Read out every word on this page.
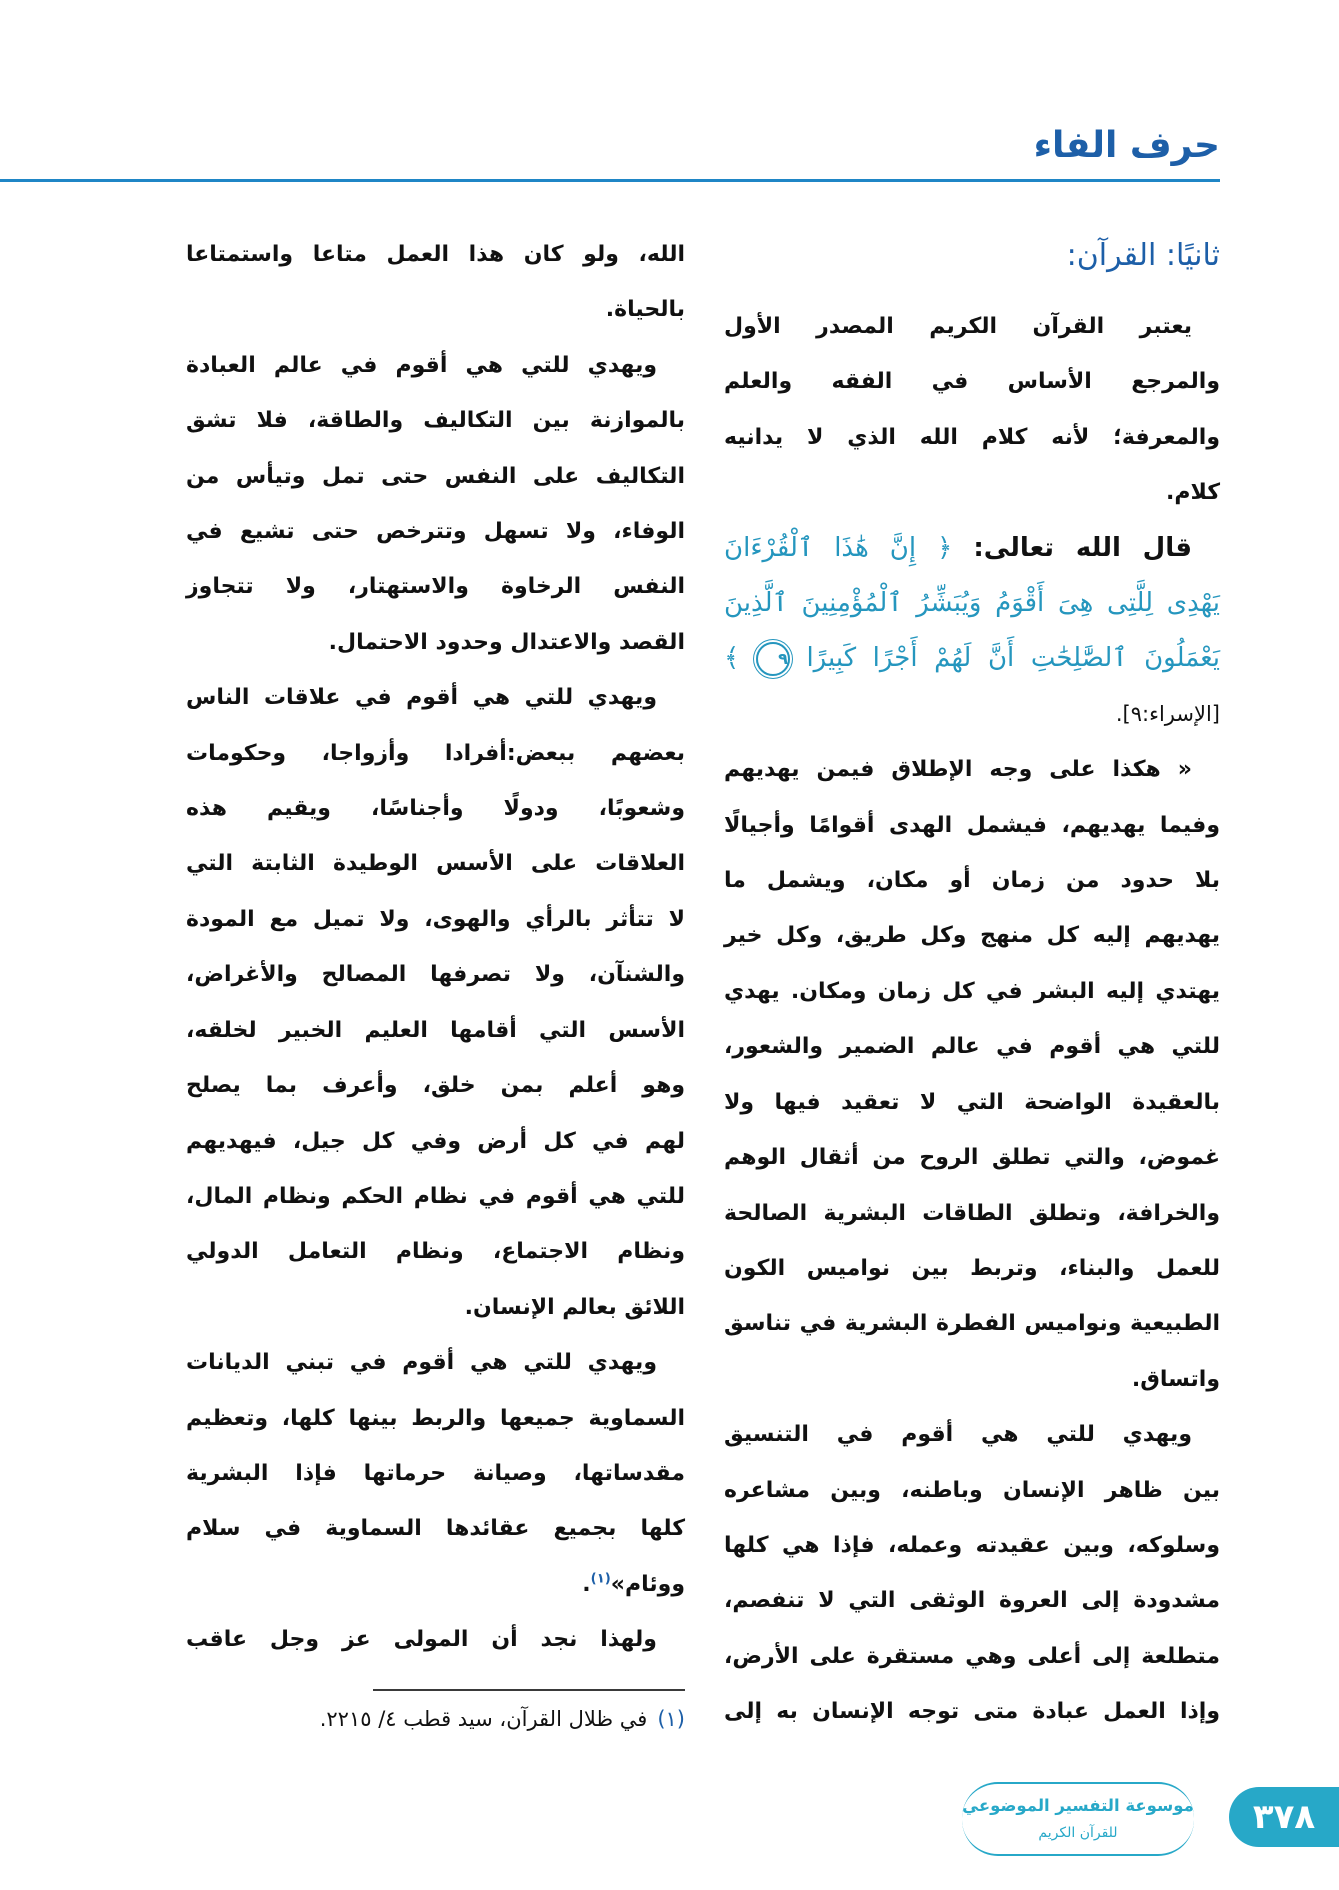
حرف الفاء
ثانيًا: القرآن:
يعتبر القرآن الكريم المصدر الأول
والمرجع الأساس في الفقه والعلم
والمعرفة؛ لأنه كلام الله الذي لا يدانيه
كلام.
قال الله تعالى: ﴿ إِنَّ هَٰذَا ٱلْقُرْءَانَ
يَهْدِى لِلَّتِى هِىَ أَقْوَمُ وَيُبَشِّرُ ٱلْمُؤْمِنِينَ ٱلَّذِينَ
يَعْمَلُونَ ٱلصَّٰلِحَٰتِ أَنَّ لَهُمْ أَجْرًا كَبِيرًا ٩ ﴾
[الإسراء:٩].
« هكذا على وجه الإطلاق فيمن يهديهم
وفيما يهديهم، فيشمل الهدى أقوامًا وأجيالًا
بلا حدود من زمان أو مكان، ويشمل ما
يهديهم إليه كل منهج وكل طريق، وكل خير
يهتدي إليه البشر في كل زمان ومكان. يهدي
للتي هي أقوم في عالم الضمير والشعور،
بالعقيدة الواضحة التي لا تعقيد فيها ولا
غموض، والتي تطلق الروح من أثقال الوهم
والخرافة، وتطلق الطاقات البشرية الصالحة
للعمل والبناء، وتربط بين نواميس الكون
الطبيعية ونواميس الفطرة البشرية في تناسق
واتساق.
ويهدي للتي هي أقوم في التنسيق
بين ظاهر الإنسان وباطنه، وبين مشاعره
وسلوكه، وبين عقيدته وعمله، فإذا هي كلها
مشدودة إلى العروة الوثقى التي لا تنفصم،
متطلعة إلى أعلى وهي مستقرة على الأرض،
وإذا العمل عبادة متى توجه الإنسان به إلى
الله، ولو كان هذا العمل متاعا واستمتاعا
بالحياة.
ويهدي للتي هي أقوم في عالم العبادة
بالموازنة بين التكاليف والطاقة، فلا تشق
التكاليف على النفس حتى تمل وتيأس من
الوفاء، ولا تسهل وتترخص حتى تشيع في
النفس الرخاوة والاستهتار، ولا تتجاوز
القصد والاعتدال وحدود الاحتمال.
ويهدي للتي هي أقوم في علاقات الناس
بعضهم ببعض:أفرادا وأزواجا، وحكومات
وشعوبًا، ودولًا وأجناسًا، ويقيم هذه
العلاقات على الأسس الوطيدة الثابتة التي
لا تتأثر بالرأي والهوى، ولا تميل مع المودة
والشنآن، ولا تصرفها المصالح والأغراض،
الأسس التي أقامها العليم الخبير لخلقه،
وهو أعلم بمن خلق، وأعرف بما يصلح
لهم في كل أرض وفي كل جيل، فيهديهم
للتي هي أقوم في نظام الحكم ونظام المال،
ونظام الاجتماع، ونظام التعامل الدولي
اللائق بعالم الإنسان.
ويهدي للتي هي أقوم في تبني الديانات
السماوية جميعها والربط بينها كلها، وتعظيم
مقدساتها، وصيانة حرماتها فإذا البشرية
كلها بجميع عقائدها السماوية في سلام
ووئام»$^{(١)}$.
ولهذا نجد أن المولى عز وجل عاقب
(١)في ظلال القرآن، سيد قطب ٤/ ٢٢١٥.
موسوعة التفسير الموضوعي
للقرآن الكريم	٣٧٨
